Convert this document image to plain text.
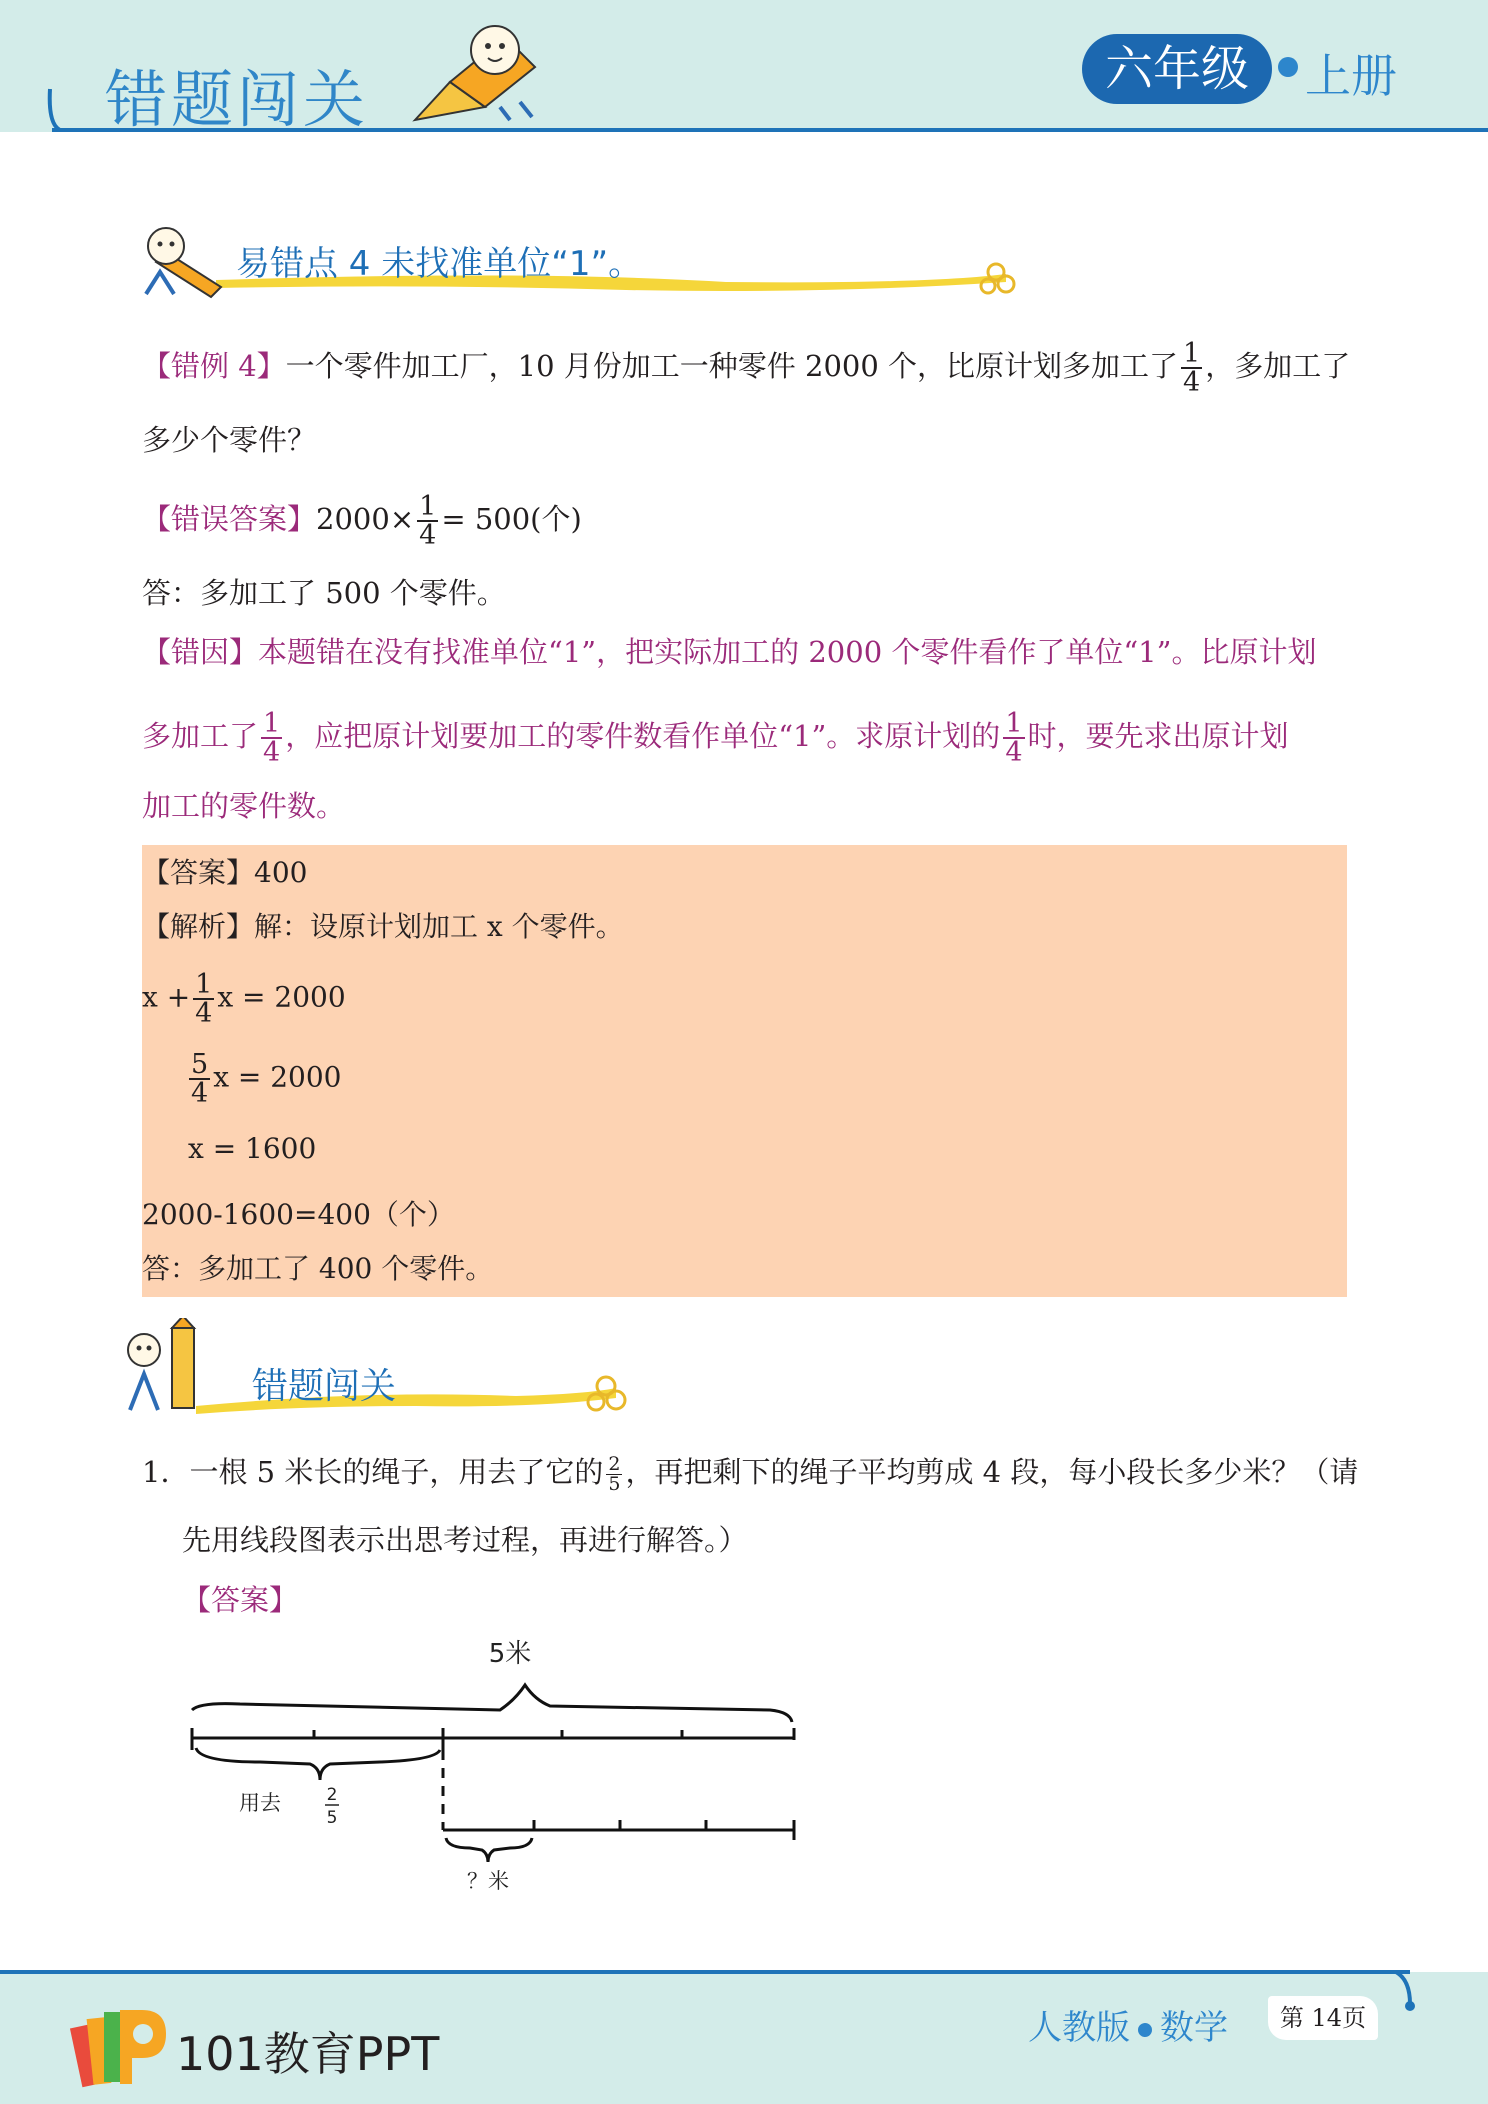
错题闯关	六年级	上册
易错点 4 未找准单位“1”。
【错例 4】一个零件加工厂，10 月份加工一种零件 2000 个，比原计划多加工了 $\frac{1}{4}$ ，多加工了
多少个零件？
【错误答案】$2000\times \frac{1}{4} = 500$(个)
答：多加工了 500 个零件。
【错因】本题错在没有找准单位“1”，把实际加工的 2000 个零件看作了单位“1”。比原计划
多加工了 $\frac{1}{4}$ ，应把原计划要加工的零件数看作单位“1”。求原计划的 $\frac{1}{4}$ 时，要先求出原计划
加工的零件数。
【答案】400
【解析】解：设原计划加工 x 个零件。
$x + \frac{1}{4}$ x = 2000
$\frac{5}{4}$ x = 2000
x = 1600
2000-1600=400（个）
答：多加工了 400 个零件。
错题闯关
1．一根 5 米长的绳子，用去了它的 $\frac{2}{5}$ ，再把剩下的绳子平均剪成 4 段，每小段长多少米？（请
先用线段图表示出思考过程，再进行解答。）
【答案】
5米
用去	2
5
？米
101教育PPT	人教版 数学	第 14页
